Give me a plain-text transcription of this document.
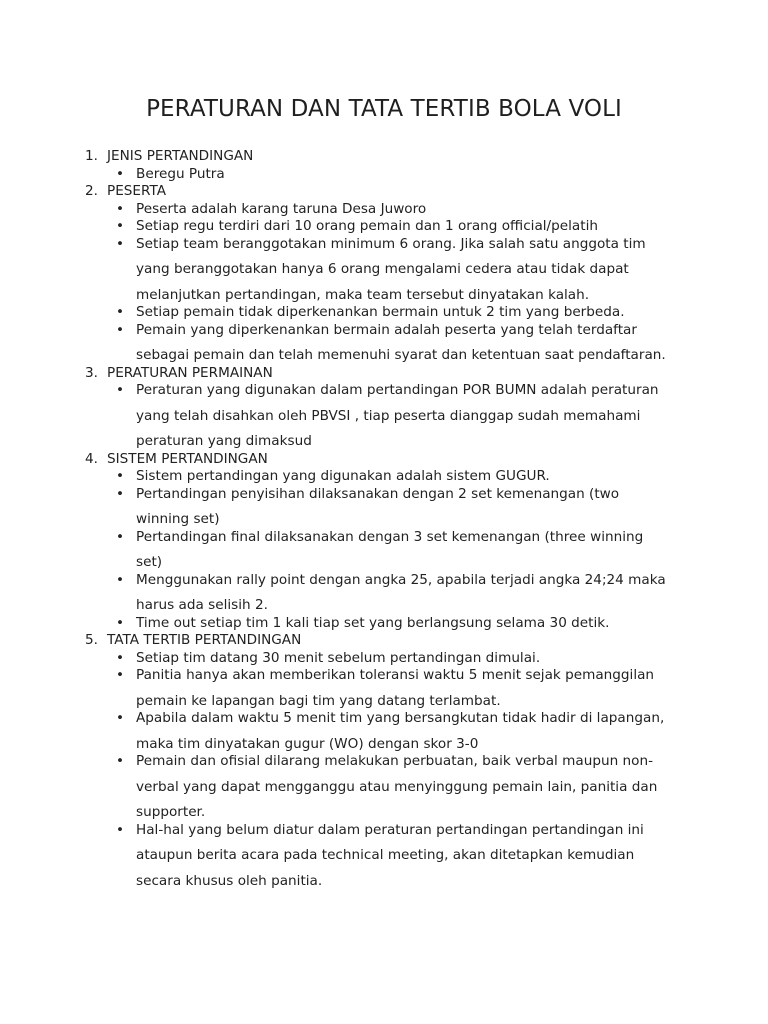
PERATURAN DAN TATA TERTIB BOLA VOLI
1. JENIS PERTANDINGAN
• Beregu Putra
2. PESERTA
• Peserta adalah karang taruna Desa Juworo
• Setiap regu terdiri dari 10 orang pemain dan 1 orang official/pelatih
• Setiap team beranggotakan minimum 6 orang. Jika salah satu anggota tim
yang beranggotakan hanya 6 orang mengalami cedera atau tidak dapat
melanjutkan pertandingan, maka team tersebut dinyatakan kalah.
• Setiap pemain tidak diperkenankan bermain untuk 2 tim yang berbeda.
• Pemain yang diperkenankan bermain adalah peserta yang telah terdaftar
sebagai pemain dan telah memenuhi syarat dan ketentuan saat pendaftaran.
3. PERATURAN PERMAINAN
• Peraturan yang digunakan dalam pertandingan POR BUMN adalah peraturan
yang telah disahkan oleh PBVSI , tiap peserta dianggap sudah memahami
peraturan yang dimaksud
4. SISTEM PERTANDINGAN
• Sistem pertandingan yang digunakan adalah sistem GUGUR.
• Pertandingan penyisihan dilaksanakan dengan 2 set kemenangan (two
winning set)
• Pertandingan final dilaksanakan dengan 3 set kemenangan (three winning
set)
• Menggunakan rally point dengan angka 25, apabila terjadi angka 24;24 maka
harus ada selisih 2.
• Time out setiap tim 1 kali tiap set yang berlangsung selama 30 detik.
5. TATA TERTIB PERTANDINGAN
• Setiap tim datang 30 menit sebelum pertandingan dimulai.
• Panitia hanya akan memberikan toleransi waktu 5 menit sejak pemanggilan
pemain ke lapangan bagi tim yang datang terlambat.
• Apabila dalam waktu 5 menit tim yang bersangkutan tidak hadir di lapangan,
maka tim dinyatakan gugur (WO) dengan skor 3-0
• Pemain dan ofisial dilarang melakukan perbuatan, baik verbal maupun non-
verbal yang dapat mengganggu atau menyinggung pemain lain, panitia dan
supporter.
• Hal-hal yang belum diatur dalam peraturan pertandingan pertandingan ini
ataupun berita acara pada technical meeting, akan ditetapkan kemudian
secara khusus oleh panitia.
